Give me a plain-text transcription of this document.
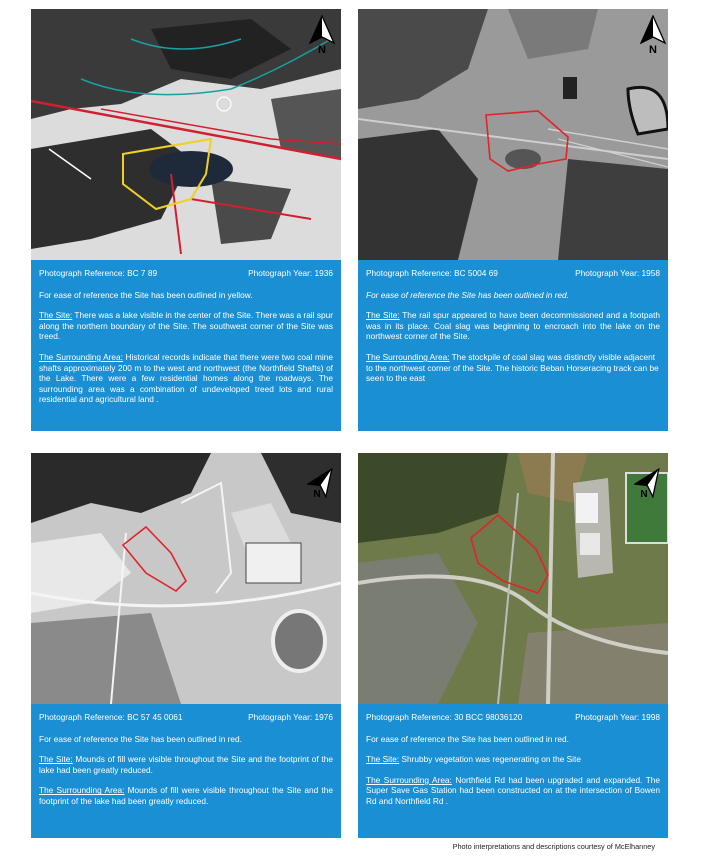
N
Photograph Reference: BC 7 89	Photograph Year: 1936

For ease of reference the Site has been outlined in yellow.

The Site: There was a lake visible in the center of the Site. There was a rail spur along the northern boundary of the Site. The southwest corner of the Site was treed.

The Surrounding Area: Historical records indicate that there were two coal mine shafts approximately 200 m to the west and northwest (the Northfield Shafts) of the Lake. There were a few residential homes along the roadways. The surrounding area was a combination of undeveloped treed lots and rural residential and agricultural land .

N
Photograph Reference: BC 5004 69	Photograph Year: 1958

For ease of reference the Site has been outlined in red.

The Site: The rail spur appeared to have been decommissioned and a footpath was in its place. Coal slag was beginning to encroach into the lake on the northwest corner of the Site.

The Surrounding Area: The stockpile of coal slag was distinctly visible adjacent to the northwest corner of the Site. The historic Beban Horseracing track can be seen to the east

N
Photograph Reference: BC 57 45 0061	Photograph Year: 1976

For ease of reference the Site has been outlined in red.

The Site: Mounds of fill were visible throughout the Site and the footprint of the lake had been greatly reduced.

The Surrounding Area: Mounds of fill were visible throughout the Site and the footprint of the lake had been greatly reduced.

N
Photograph Reference: 30 BCC 98036120	Photograph Year: 1998

For ease of reference the Site has been outlined in red.

The Site: Shrubby vegetation was regenerating on the Site

The Surrounding Area: Northfield Rd had been upgraded and expanded. The Super Save Gas Station had been constructed on at the intersection of Bowen Rd and Northfield Rd .

Photo interpretations and descriptions courtesy of McElhanney
